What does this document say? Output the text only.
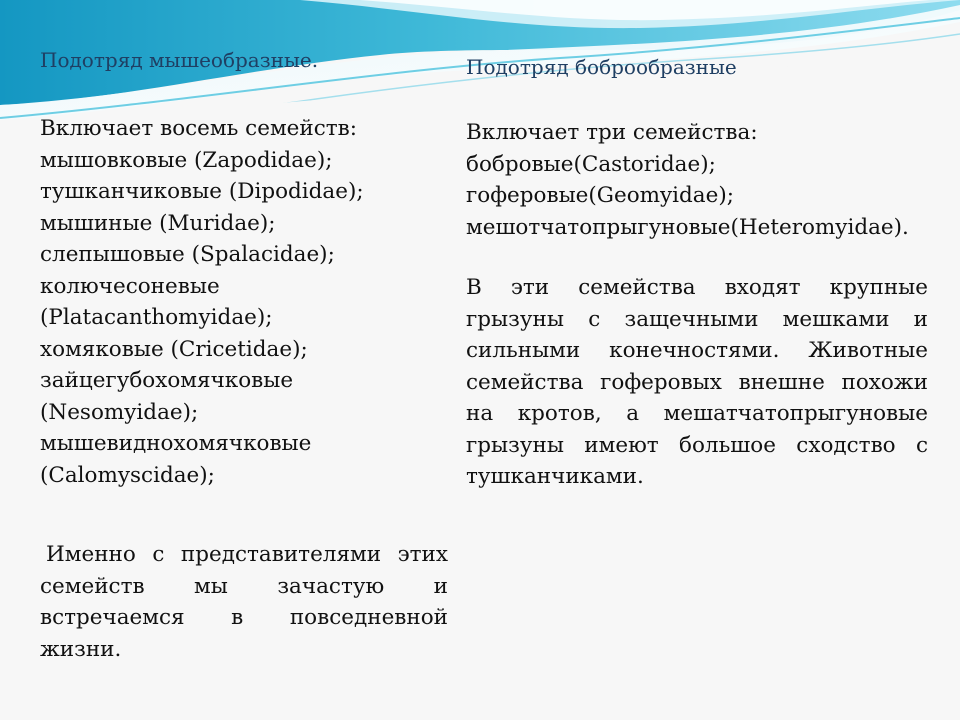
Подотряд мышеобразные.

Включает восемь семейств:
мышовковые (Zapodidae);
тушканчиковые (Dipodidae);
мышиные (Muridae);
слепышовые (Spalacidae);
колючесоневые
(Platacanthomyidae);
хомяковые (Cricetidae);
зайцегубохомячковые
(Nesomyidae);
мышевиднохомячковые
(Calomyscidae);

Именно с представителями этих семейств мы зачастую и встречаемся в повседневной жизни.

Подотряд боброобразные

Включает три семейства:
бобровые(Castoridae);
гоферовые(Geomyidae);
мешотчатопрыгуновые(Heteromyidae).

В эти семейства входят крупные грызуны с защечными мешками и сильными конечностями. Животные семейства гоферовых внешне похожи на кротов, а мешатчатопрыгуновые грызуны имеют большое сходство с тушканчиками.
